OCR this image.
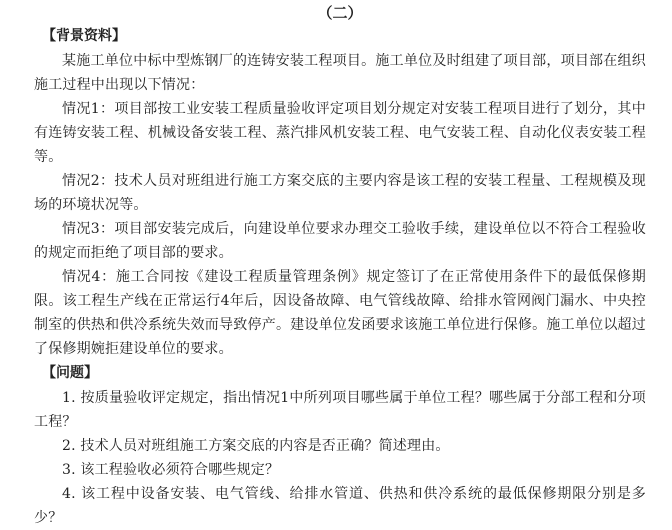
（二）
【背景资料】

某施工单位中标中型炼钢厂的连铸安装工程项目。施工单位及时组建了项目部，项目部在组织施工过程中出现以下情况：

情况1：项目部按工业安装工程质量验收评定项目划分规定对安装工程项目进行了划分，其中有连铸安装工程、机械设备安装工程、蒸汽排风机安装工程、电气安装工程、自动化仪表安装工程等。

情况2：技术人员对班组进行施工方案交底的主要内容是该工程的安装工程量、工程规模及现场的环境状况等。

情况3：项目部安装完成后，向建设单位要求办理交工验收手续，建设单位以不符合工程验收的规定而拒绝了项目部的要求。

情况4：施工合同按《建设工程质量管理条例》规定签订了在正常使用条件下的最低保修期限。该工程生产线在正常运行4年后，因设备故障、电气管线故障、给排水管网阀门漏水、中央控制室的供热和供冷系统失效而导致停产。建设单位发函要求该施工单位进行保修。施工单位以超过了保修期婉拒建设单位的要求。

【问题】

1. 按质量验收评定规定，指出情况1中所列项目哪些属于单位工程？哪些属于分部工程和分项工程？

2. 技术人员对班组施工方案交底的内容是否正确？简述理由。

3. 该工程验收必须符合哪些规定？

4. 该工程中设备安装、电气管线、给排水管道、供热和供冷系统的最低保修期限分别是多少？
